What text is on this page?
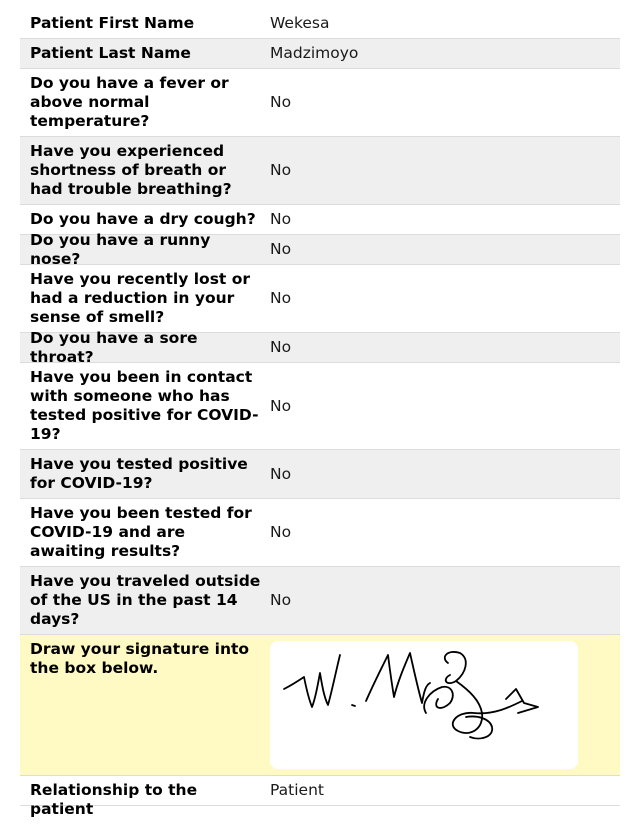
Patient First Name	Wekesa
Patient Last Name	Madzimoyo
Do you have a fever or above normal temperature?
No
Have you experienced shortness of breath or had trouble breathing?
No
Do you have a dry cough? No
Do you have a runny nose?
No
Have you recently lost or had a reduction in your sense of smell?
No
Do you have a sore throat?
No
Have you been in contact with someone who has tested positive for COVID-19?
No
Have you tested positive for COVID-19?
No
Have you been tested for COVID-19 and are awaiting results?
No
Have you traveled outside of the US in the past 14 days?
No
Draw your signature into the box below.
Relationship to the patient
Patient
